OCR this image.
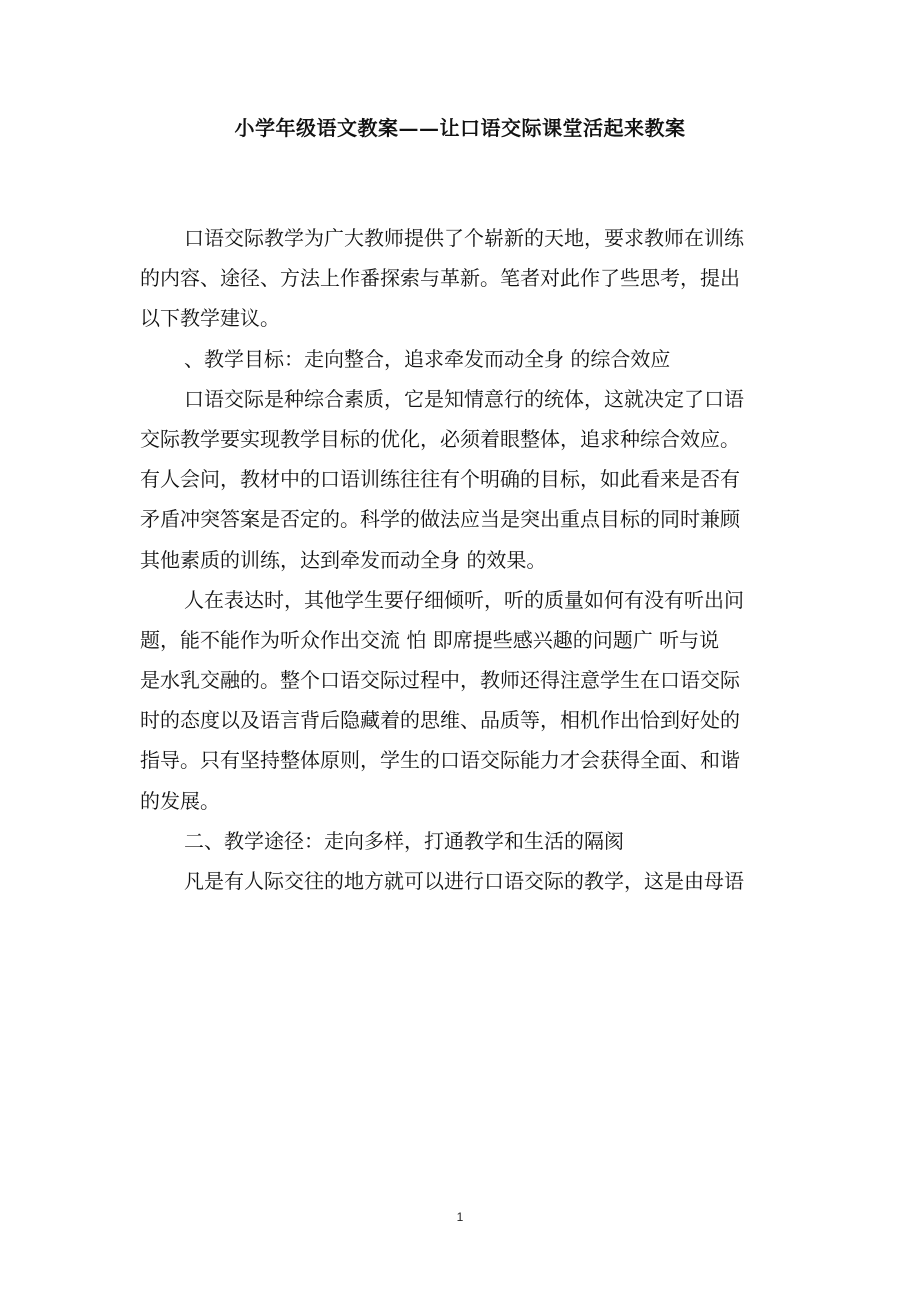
小学年级语文教案——让口语交际课堂活起来教案
口语交际教学为广大教师提供了个崭新的天地，要求教师在训练
的内容、途径、方法上作番探索与革新。笔者对此作了些思考，提出
以下教学建议。
、教学目标：走向整合，追求牵发而动全身 的综合效应
口语交际是种综合素质，它是知情意行的统体，这就决定了口语
交际教学要实现教学目标的优化，必须着眼整体，追求种综合效应。
有人会问，教材中的口语训练往往有个明确的目标，如此看来是否有
矛盾冲突答案是否定的。科学的做法应当是突出重点目标的同时兼顾
其他素质的训练，达到牵发而动全身 的效果。
人在表达时，其他学生要仔细倾听，听的质量如何有没有听出问
题，能不能作为听众作出交流 怕 即席提些感兴趣的问题广 听与说
是水乳交融的。整个口语交际过程中，教师还得注意学生在口语交际
时的态度以及语言背后隐藏着的思维、品质等，相机作出恰到好处的
指导。只有坚持整体原则，学生的口语交际能力才会获得全面、和谐
的发展。
二、教学途径：走向多样，打通教学和生活的隔阂
凡是有人际交往的地方就可以进行口语交际的教学，这是由母语
1
